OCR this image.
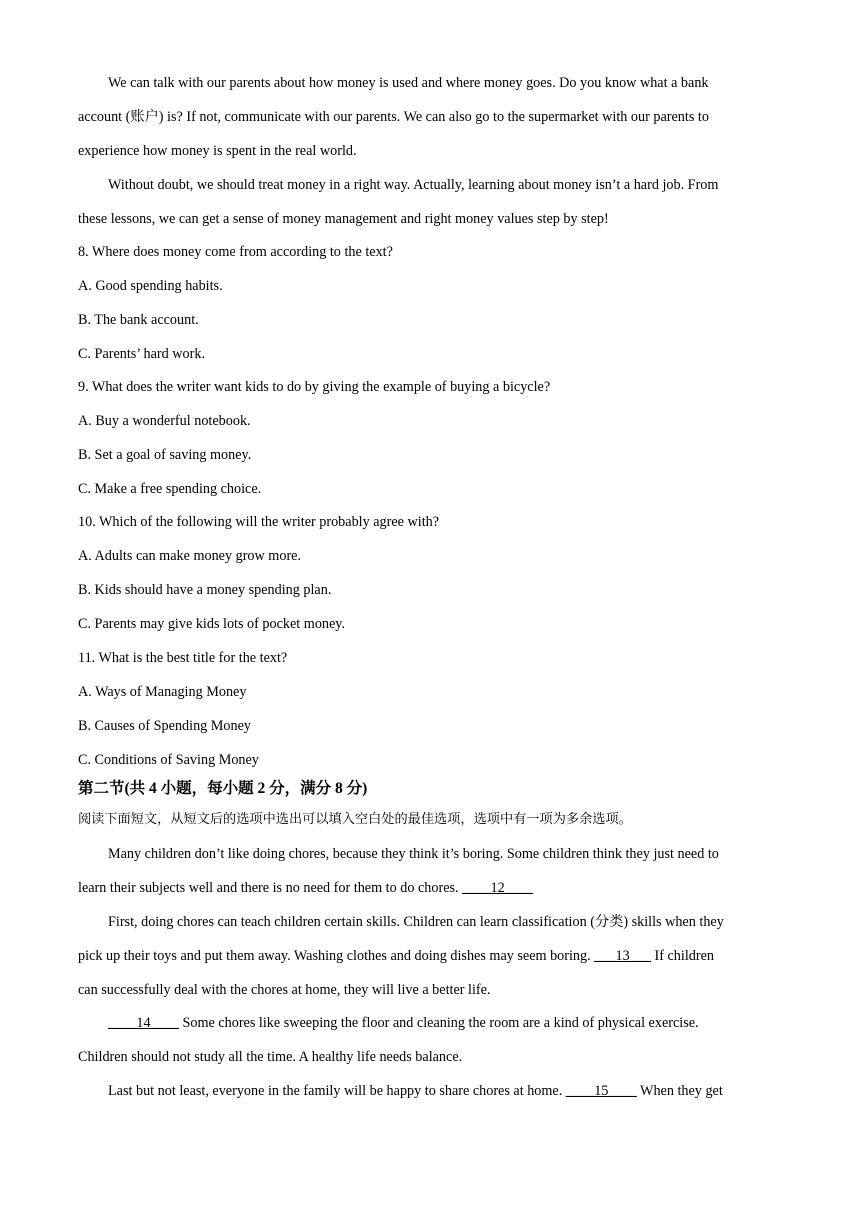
We can talk with our parents about how money is used and where money goes. Do you know what a bank
account (账户) is? If not, communicate with our parents. We can also go to the supermarket with our parents to
experience how money is spent in the real world.
Without doubt, we should treat money in a right way. Actually, learning about money isn’t a hard job. From
these lessons, we can get a sense of money management and right money values step by step!
8. Where does money come from according to the text?
A. Good spending habits.
B. The bank account.
C. Parents’ hard work.
9. What does the writer want kids to do by giving the example of buying a bicycle?
A. Buy a wonderful notebook.
B. Set a goal of saving money.
C. Make a free spending choice.
10. Which of the following will the writer probably agree with?
A. Adults can make money grow more.
B. Kids should have a money spending plan.
C. Parents may give kids lots of pocket money.
11. What is the best title for the text?
A. Ways of Managing Money
B. Causes of Spending Money
C. Conditions of Saving Money
第二节(共 4 小题，每小题 2 分，满分 8 分)
阅读下面短文，从短文后的选项中选出可以填入空白处的最佳选项，选项中有一项为多余选项。
Many children don’t like doing chores, because they think it’s boring. Some children think they just need to
learn their subjects well and there is no need for them to do chores. ____12____
First, doing chores can teach children certain skills. Children can learn classification (分类) skills when they
pick up their toys and put them away. Washing clothes and doing dishes may seem boring. ___13___ If children
can successfully deal with the chores at home, they will live a better life.
____14____ Some chores like sweeping the floor and cleaning the room are a kind of physical exercise.
Children should not study all the time. A healthy life needs balance.
Last but not least, everyone in the family will be happy to share chores at home. ____15____ When they get
